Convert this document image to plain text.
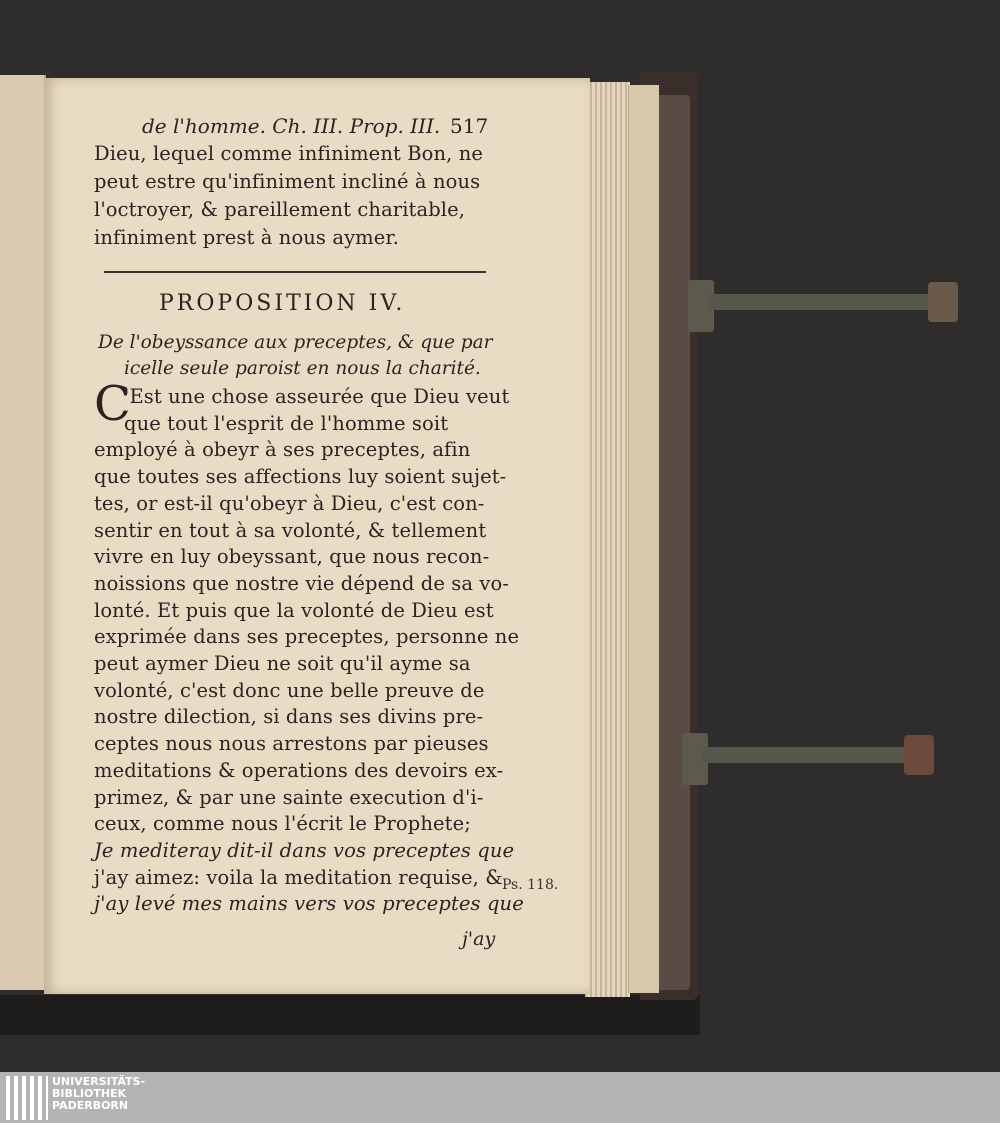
de l'homme. Ch. III. Prop. III. 517
Dieu, lequel comme infiniment Bon, ne
peut estre qu'infiniment incliné à nous
l'octroyer, & pareillement charitable,
infiniment prest à nous aymer.
PROPOSITION IV.
De l'obeyssance aux preceptes, & que par
icelle seule paroist en nous la charité.
C
'Est une chose asseurée que Dieu veut
que tout l'esprit de l'homme soit
employé à obeyr à ses preceptes, afin
que toutes ses affections luy soient sujet-
tes, or est-il qu'obeyr à Dieu, c'est con-
sentir en tout à sa volonté, & tellement
vivre en luy obeyssant, que nous recon-
noissions que nostre vie dépend de sa vo-
lonté. Et puis que la volonté de Dieu est
exprimée dans ses preceptes, personne ne
peut aymer Dieu ne soit qu'il ayme sa
volonté, c'est donc une belle preuve de
nostre dilection, si dans ses divins pre-
ceptes nous nous arrestons par pieuses
meditations & operations des devoirs ex-
primez, & par une sainte execution d'i-
ceux, comme nous l'écrit le Prophete;
Je mediteray dit-il dans vos preceptes que
j'ay aimez: voila la meditation requise, &
j'ay levé mes mains vers vos preceptes que
Ps. 118.
j'ay
UNIVERSITÄTS-
BIBLIOTHEK
PADERBORN
